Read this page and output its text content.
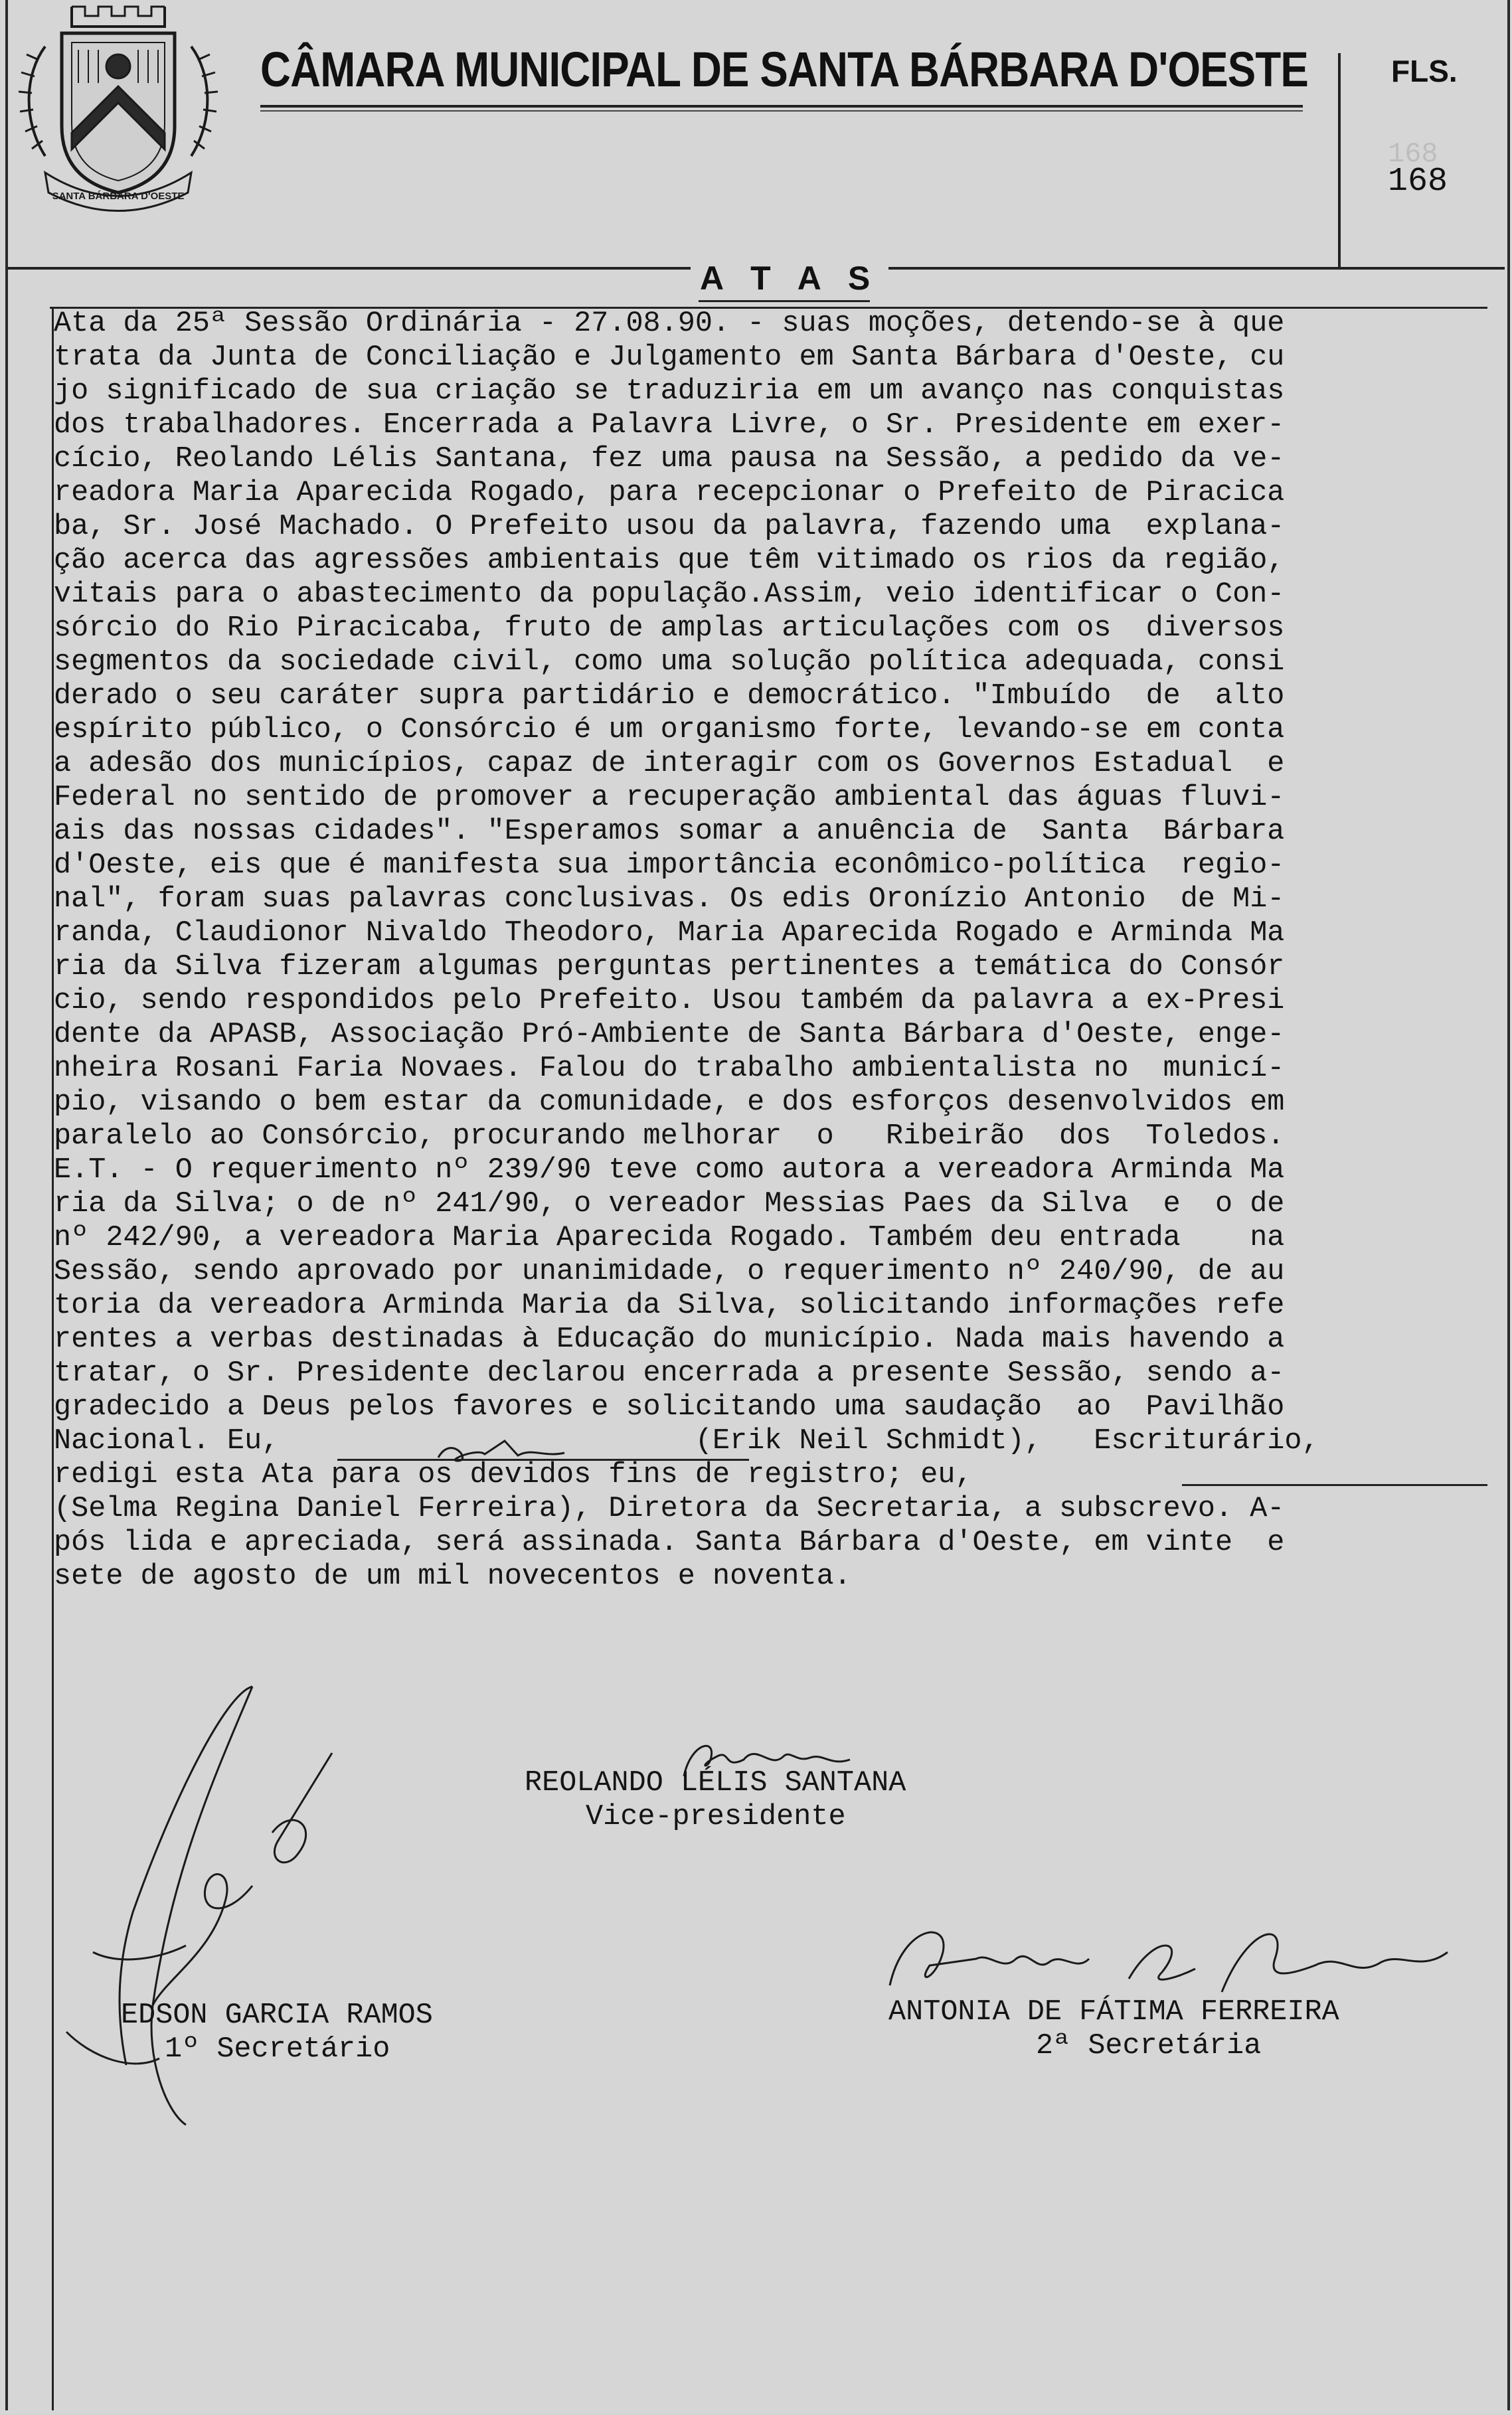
SANTA BÁRBARA D'OESTE
CÂMARA MUNICIPAL DE SANTA BÁRBARA D'OESTE	FLS.
168
168
A T A S
Ata da 25ª Sessão Ordinária - 27.08.90. - suas moções, detendo-se à que
trata da Junta de Conciliação e Julgamento em Santa Bárbara d'Oeste, cu
jo significado de sua criação se traduziria em um avanço nas conquistas
dos trabalhadores. Encerrada a Palavra Livre, o Sr. Presidente em exer-
cício, Reolando Lélis Santana, fez uma pausa na Sessão, a pedido da ve-
readora Maria Aparecida Rogado, para recepcionar o Prefeito de Piracica
ba, Sr. José Machado. O Prefeito usou da palavra, fazendo uma  explana-
ção acerca das agressões ambientais que têm vitimado os rios da região,
vitais para o abastecimento da população.Assim, veio identificar o Con-
sórcio do Rio Piracicaba, fruto de amplas articulações com os  diversos
segmentos da sociedade civil, como uma solução política adequada, consi
derado o seu caráter supra partidário e democrático. "Imbuído  de  alto
espírito público, o Consórcio é um organismo forte, levando-se em conta
a adesão dos municípios, capaz de interagir com os Governos Estadual  e
Federal no sentido de promover a recuperação ambiental das águas fluvi-
ais das nossas cidades". "Esperamos somar a anuência de  Santa  Bárbara
d'Oeste, eis que é manifesta sua importância econômico-política  regio-
nal", foram suas palavras conclusivas. Os edis Oronízio Antonio  de Mi-
randa, Claudionor Nivaldo Theodoro, Maria Aparecida Rogado e Arminda Ma
ria da Silva fizeram algumas perguntas pertinentes a temática do Consór
cio, sendo respondidos pelo Prefeito. Usou também da palavra a ex-Presi
dente da APASB, Associação Pró-Ambiente de Santa Bárbara d'Oeste, enge-
nheira Rosani Faria Novaes. Falou do trabalho ambientalista no  municí-
pio, visando o bem estar da comunidade, e dos esforços desenvolvidos em
paralelo ao Consórcio, procurando melhorar  o   Ribeirão  dos  Toledos.
E.T. - O requerimento nº 239/90 teve como autora a vereadora Arminda Ma
ria da Silva; o de nº 241/90, o vereador Messias Paes da Silva  e  o de
nº 242/90, a vereadora Maria Aparecida Rogado. Também deu entrada    na
Sessão, sendo aprovado por unanimidade, o requerimento nº 240/90, de au
toria da vereadora Arminda Maria da Silva, solicitando informações refe
rentes a verbas destinadas à Educação do município. Nada mais havendo a
tratar, o Sr. Presidente declarou encerrada a presente Sessão, sendo a-
gradecido a Deus pelos favores e solicitando uma saudação  ao  Pavilhão
Nacional. Eu,                        (Erik Neil Schmidt),   Escriturário,
redigi esta Ata para os devidos fins de registro; eu,
(Selma Regina Daniel Ferreira), Diretora da Secretaria, a subscrevo. A-
pós lida e apreciada, será assinada. Santa Bárbara d'Oeste, em vinte  e
sete de agosto de um mil novecentos e noventa.
REOLANDO LÉLIS SANTANA
Vice-presidente
EDSON GARCIA RAMOS
1º Secretário
ANTONIA DE FÁTIMA FERREIRA
2ª Secretária
